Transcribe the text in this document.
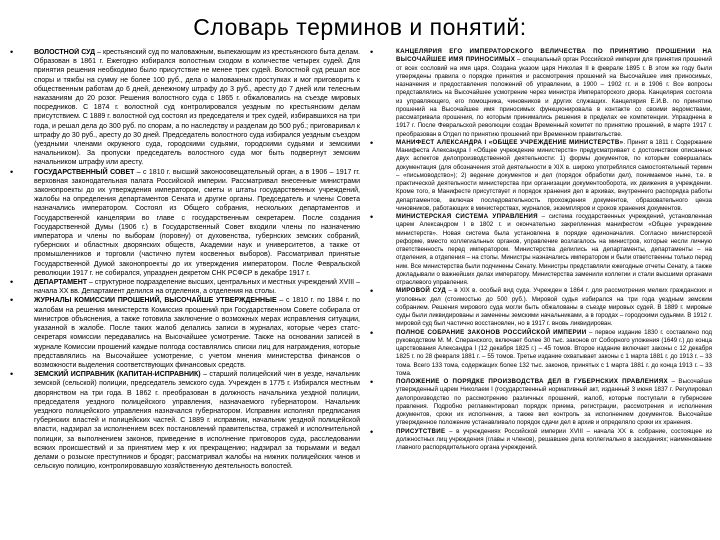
Словарь терминов и понятий:
•	ВОЛОСТНОЙ СУД – крестьянский суд по маловажным, выпекающим из крестьянского быта делам. Образован в 1861 г. Ежегодно избирался волостным сходом в количестве четырех судей. Для принятия решения необходимо было присутствие не менее трех судей. Волостной суд решал все споры и тяжбы на сумму не более 100 руб., дела о маловажных проступках и мог приговорить к общественным работам до 6 дней, денежному штрафу до 3 руб., аресту до 7 дней или телесным наказаниям до 20 розог. Решения волостного суда с 1865 г. обжаловались на съезде мировых посредников. С 1874 г. волостной суд контролировался уездным по крестьянским делам присутствием. С 1889 г. волостной суд состоял из председателя и трех судей, избиравшихся на три года, и решал дела до 300 руб. по спорам, а по наследству и разделам до 500 руб.; приговаривал к штрафу до 30 руб., аресту до 30 дней. Председатель волостного суда избирался уездным съездом (уездными членами окружного суда, городскими судьями, городскими судьями и земскими начальником). За пропуски председатель волостного суда мог быть подвергнут земским начальником штрафу или аресту.
•	ГОСУДАРСТВЕННЫЙ СОВЕТ – с 1810 г. высший законосовещательный орган, а в 1906 – 1917 гг. верховная законодательная палата Российской империи. Рассматривал внесенные министрами законопроекты до их утверждения императором, сметы и штаты государственных учреждений, жалобы на определения департаментов Сената и другие органы. Председатель и члены Совета назначались императором. Состоял из Общего собрания, нескольких департаментов и Государственной канцелярии во главе с государственным секретарем. После создания Государственной Думы (1906 г.) в Государственный Совет входили члены по назначению императора и члены по выборам (поровну) от духовенства, губернских земских собраний, губернских и областных дворянских обществ, Академии наук и университетов, а также от промышленников и торговли (частично путем косвенных выборов). Рассматривал принятые Государственной Думой законопроекты до их утверждения императором. После Февральской революции 1917 г. не собирался, упразднен декретом СНК РСФСР в декабре 1917 г.
•	ДЕПАРТАМЕНТ – структурное подразделение высших, центральных и местных учреждений XVIII – начала XX вв. Департамент делился на отделения, а отделения на столы.
•	ЖУРНАЛЫ КОМИССИИ ПРОШЕНИЙ, ВЫСОЧАЙШЕ УТВЕРЖДЕННЫЕ – с 1810 г. по 1884 г. по жалобам на решения министерств Комиссия прошений при Государственном Совете собирала от министров объяснения, а также готовила заключение о возможных мерах исправления ситуации, указанной в жалобе. После таких жалоб делались записи в журналах, которые через статс-секретаря комиссии передавались на Высочайшее усмотрение. Также на основании записей в журнале Комиссии прошений каждые полгода составлялись списки лиц для награждения, которые представлялись на Высочайшее усмотрение, с учетом мнения министерства финансов о возможности выделения соответствующих финансовых средств.
•	ЗЕМСКИЙ ИСПРАВНИК (КАПИТАН-ИСПРАВНИК) – старший полицейский чин в уезде, начальник земской (сельской) полиции, председатель земского суда. Учрежден в 1775 г. Избирался местным дворянством на три года. В 1862 г. преобразован в должность начальника уездной полиции, председателя уездного полицейского управления, назначаемого губернатором. Начальник уездного полицейского управления назначался губернатором. Исправник исполнял предписания губернских властей и полицейских частей. С 1889 г. исправник, начальник уездной полицейской власти, надзирал за исполнением всех постановлений правительства, стражей и исполнительной полиции, за выполнением законов, приведение в исполнение приговоров суда, расследовании всяких происшествий и за принятием мер к их прекращению; надзирал за тюрьмами и ведал делами о розыске преступников и бродяг; рассматривал жалобы на нижних полицейских чинов и сельскую полицию, контролировавшую хозяйственную деятельность волостей.
•	КАНЦЕЛЯРИЯ ЕГО ИМПЕРАТОРСКОГО ВЕЛИЧЕСТВА ПО ПРИНЯТИЮ ПРОШЕНИЙ НА ВЫСОЧАЙШЕЕ ИМЯ ПРИНОСИМЫХ – специальный орган Российской империи для принятия прошений от всех сословий на имя царя. Создана указом царя Николая II в феврале 1895 г. В этом же году были утверждены правила о порядке принятия и рассмотрения прошений на Высочайшее имя приносимых, назначения и предоставления положений об управлении, в 1900 – 1902 гг. и в 1906 г. Все вопросы представлялись на Высочайшее усмотрение через министра Императорского двора. Канцелярия состояла из управляющего, его помощника, чиновников и других служащих. Канцелярия Е.И.В. по принятию прошений на Высочайшее имя приносимых функционировала в контакте со своими ведомствами, рассматривала прошения, по которым принимались решения в пределах ее компетенции. Упразднена в 1917 г. После Февральской революции создан Временный комитет по принятию прошений, в марте 1917 г. преобразован в Отдел по принятию прошений при Временном правительстве.
•	МАНИФЕСТ АЛЕКСАНДРА I «ОБЩЕЕ УЧРЕЖДЕНИЕ МИНИСТЕРСТВ». Принят в 1811 г. Содержание Манифеста Александра I «Общее учреждение министерств» предусматривает с достоинством описанных двух аспектов делопроизводственной деятельности: 1) формы документов, по которым совершалась документация (для обозначения этой деятельности в XIX в. широко употреблялся самостоятельный термин – «письмоводство»); 2) ведение документов и дел (порядок обработки дел), понимаемое ныне, т.е. в практической деятельности министерства при организации документооборота, их движения в учреждении. Кроме того, в Манифесте присутствует и порядок хранения дел в архивах, внутреннего распорядка работы департаментов, включая последовательность прохождения документов, образовательного ценза чиновников, работающих в министерствах, журналов, экземпляров и сроков хранения документов.
•	МИНИСТЕРСКАЯ СИСТЕМА УПРАВЛЕНИЯ – система государственных учреждений, установленная царем Александром I в 1802 г. и окончательно закрепленная манифестом «Общее учреждение министерств». Новая система была установлена в порядке единоначалия. Согласно министерской реформе, вместо коллегиальных органов, управление возлагалось на министров, которые несли личную ответственность перед императором. Министерства делились на департаменты, департаменты – на отделения, а отделения – на столы. Министры назначались императором и были ответственны только перед ним. Все министерства были подчинены Сенату. Министры представляли ежегодные отчеты Сенату, а также докладывали о важнейших делах императору. Министерства заменили коллегии и стали высшими органами отраслевого управления.
•	МИРОВОЙ СУД – в XIX в. особый вид суда. Учрежден в 1864 г. для рассмотрения мелких гражданских и уголовных дел (стоимостью до 500 руб.). Мировой судья избирался на три года уездным земским собранием. Решения мирового суда могли быть обжалованы в съезде мировых судей. В 1889 г. мировые суды были ликвидированы и заменены земскими начальниками, а в городах – городскими судьями. В 1912 г. мировой суд был частично восстановлен, но в 1917 г. вновь ликвидирован.
•	ПОЛНОЕ СОБРАНИЕ ЗАКОНОВ РОССИЙСКОЙ ИМПЕРИИ – первое издание 1830 г. составлено под руководством М. М. Сперанского, включает более 30 тыс. законов от Соборного уложения (1649 г.) до конца царствования Александра I (12 декабря 1825 г.) – 45 томов. Второе издание включает законы с 12 декабря 1825 г. по 28 февраля 1881 г. – 55 томов. Третье издание охватывает законы с 1 марта 1881 г. до 1913 г. – 33 тома. Всего 133 тома, содержащих более 132 тыс. законов, принятых с 1 марта 1881 г. до конца 1913 г. – 33 тома.
•	ПОЛОЖЕНИЕ О ПОРЯДКЕ ПРОИЗВОДСТВА ДЕЛ В ГУБЕРНСКИХ ПРАВЛЕНИЯХ – Высочайше утвержденный царем Николаем I (государственный нормативный акт, изданный 3 июня 1837 г. Регулировал делопроизводство по рассмотрению различных прошений, жалоб, которые поступали в губернские правления. Подробно регламентировал порядок приема, регистрации, рассмотрения и исполнения документов, сроки их исполнения, а также вел контроль за исполнением документов. Высочайше утвержденное положение устанавливало порядок сдачи дел в архив и определяло сроки их хранения.
•	ПРИСУТСТВИЕ – в учреждениях Российской империи XVIII – начала XX в. собрание, состоящее из должностных лиц учреждения (главы и членов), решавшее дела коллегиально в заседаниях; наименование главного распорядительного органа учреждений.
